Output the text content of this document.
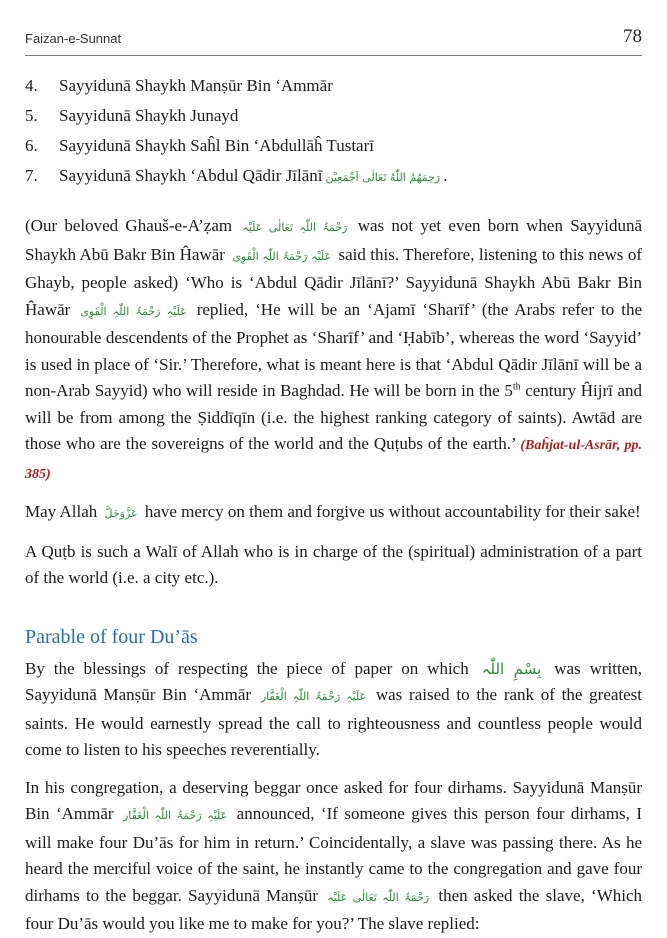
Faizan-e-Sunnat	78
4.	Sayyidunā Shaykh Manṣūr Bin ‘Ammār
5.	Sayyidunā Shaykh Junayd
6.	Sayyidunā Shaykh Saĥl Bin ‘Abdullāĥ Tustarī
7.	Sayyidunā Shaykh ‘Abdul Qādir Jīlānī رَحِمَهُمُ اللّٰهُ تَعَالٰی اَجْمَعِیْن .

(Our beloved Ghauš-e-A’ẓam رَحْمَۃُ اللّٰہِ تَعَالٰی عَلَیْہ was not yet even born when Sayyidunā Shaykh Abū Bakr Bin Ĥawār عَلَیْہِ رَحْمَۃُ اللّٰہِ الْقَوِی said this. Therefore, listening to this news of Ghayb, people asked) ‘Who is ‘Abdul Qādir Jīlānī?’ Sayyidunā Shaykh Abū Bakr Bin Ĥawār عَلَیْہِ رَحْمَۃُ اللّٰہِ الْقَوِی replied, ‘He will be an ‘Ajamī ‘Sharīf’ (the Arabs refer to the honourable descendents of the Prophet as ‘Sharīf’ and ‘Ḥabīb’, whereas the word ‘Sayyid’ is used in place of ‘Sir.’ Therefore, what is meant here is that ‘Abdul Qādir Jīlānī will be a non-Arab Sayyid) who will reside in Baghdad. He will be born in the 5th century Ĥijrī and will be from among the Ṣiddīqīn (i.e. the highest ranking category of saints). Awtād are those who are the sovereigns of the world and the Quṭubs of the earth.’ (Baĥjat-ul-Asrār, pp. 385)

May Allah عَزَّوَجَلَّ have mercy on them and forgive us without accountability for their sake!

A Quṭb is such a Walī of Allah who is in charge of the (spiritual) administration of a part of the world (i.e. a city etc.).

Parable of four Du’ās

By the blessings of respecting the piece of paper on which بِسْمِ اللّٰہ was written, Sayyidunā Manṣūr Bin ‘Ammār عَلَیْہِ رَحْمَۃُ اللّٰہِ الْغَفَّار was raised to the rank of the greatest saints. He would earnestly spread the call to righteousness and countless people would come to listen to his speeches reverentially.

In his congregation, a deserving beggar once asked for four dirhams. Sayyidunā Manṣūr Bin ‘Ammār عَلَیْہِ رَحْمَۃُ اللّٰہِ الْغَفَّار announced, ‘If someone gives this person four dirhams, I will make four Du’ās for him in return.’ Coincidentally, a slave was passing there. As he heard the merciful voice of the saint, he instantly came to the congregation and gave four dirhams to the beggar. Sayyidunā Manṣūr رَحْمَۃُ اللّٰہِ تَعَالٰی عَلَیْہ then asked the slave, ‘Which four Du’ās would you like me to make for you?’ The slave replied:
